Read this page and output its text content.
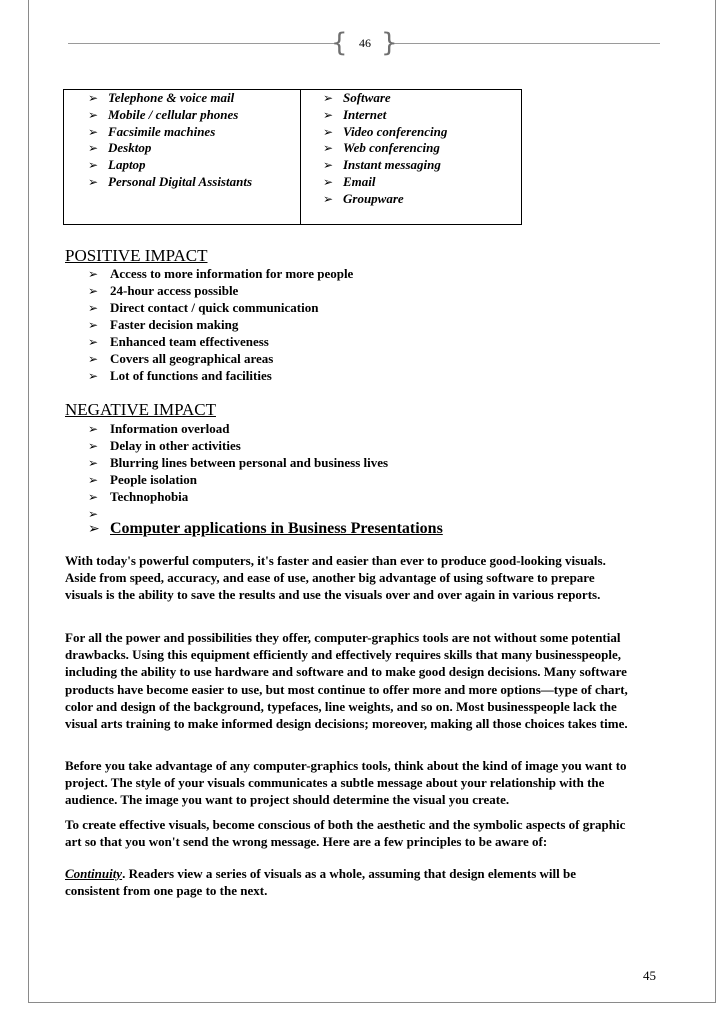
{ }
46
➢ Telephone & voice mail
➢ Mobile / cellular phones
➢ Facsimile machines
➢ Desktop
➢ Laptop
➢ Personal Digital Assistants
➢ Software
➢ Internet
➢ Video conferencing
➢ Web conferencing
➢ Instant messaging
➢ Email
➢ Groupware
POSITIVE IMPACT
➢ Access to more information for more people
➢ 24-hour access possible
➢ Direct contact / quick communication
➢ Faster decision making
➢ Enhanced team effectiveness
➢ Covers all geographical areas
➢ Lot of functions and facilities
NEGATIVE IMPACT
➢ Information overload
➢ Delay in other activities
➢ Blurring lines between personal and business lives
➢ People isolation
➢ Technophobia
➢
➢ Computer applications in Business Presentations

With today's powerful computers, it's faster and easier than ever to produce good-looking visuals.
Aside from speed, accuracy, and ease of use, another big advantage of using software to prepare
visuals is the ability to save the results and use the visuals over and over again in various reports.

For all the power and possibilities they offer, computer-graphics tools are not without some potential
drawbacks. Using this equipment efficiently and effectively requires skills that many businesspeople,
including the ability to use hardware and software and to make good design decisions. Many software
products have become easier to use, but most continue to offer more and more options—type of chart,
color and design of the background, typefaces, line weights, and so on. Most businesspeople lack the
visual arts training to make informed design decisions; moreover, making all those choices takes time.

Before you take advantage of any computer-graphics tools, think about the kind of image you want to
project. The style of your visuals communicates a subtle message about your relationship with the
audience. The image you want to project should determine the visual you create.

To create effective visuals, become conscious of both the aesthetic and the symbolic aspects of graphic
art so that you won't send the wrong message. Here are a few principles to be aware of:

Continuity. Readers view a series of visuals as a whole, assuming that design elements will be
consistent from one page to the next.

45
